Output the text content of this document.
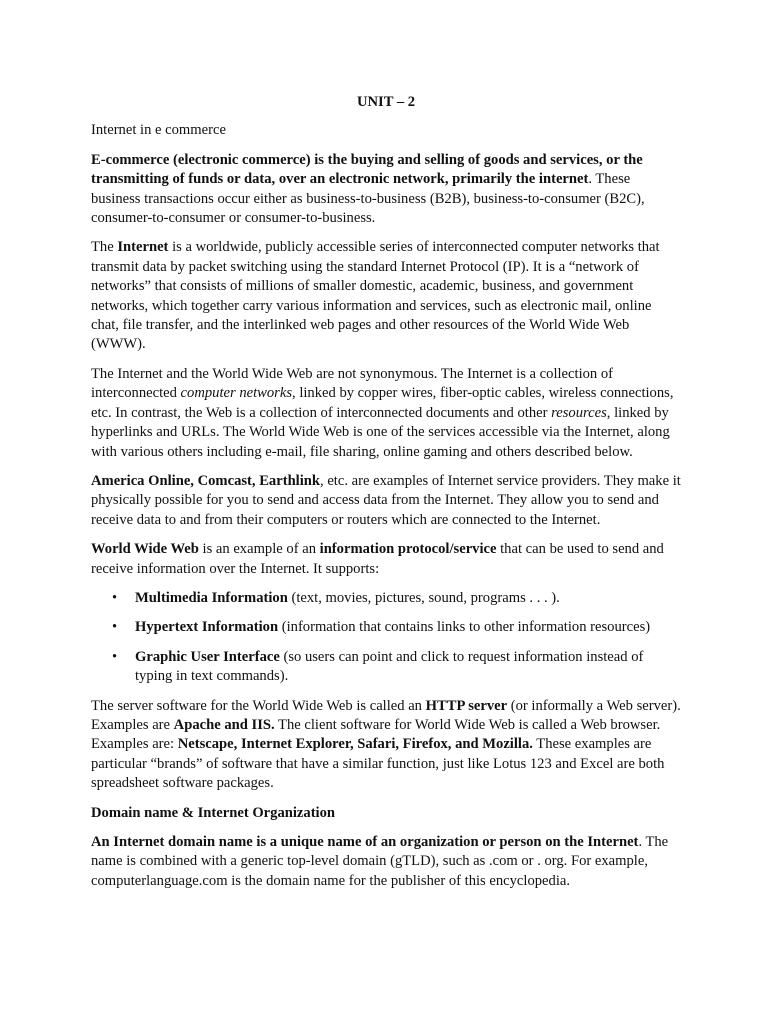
UNIT – 2

Internet in e commerce

E-commerce (electronic commerce) is the buying and selling of goods and services, or the transmitting of funds or data, over an electronic network, primarily the internet. These business transactions occur either as business-to-business (B2B), business-to-consumer (B2C), consumer-to-consumer or consumer-to-business.

The Internet is a worldwide, publicly accessible series of interconnected computer networks that transmit data by packet switching using the standard Internet Protocol (IP). It is a “network of networks” that consists of millions of smaller domestic, academic, business, and government networks, which together carry various information and services, such as electronic mail, online chat, file transfer, and the interlinked web pages and other resources of the World Wide Web (WWW).

The Internet and the World Wide Web are not synonymous. The Internet is a collection of interconnected computer networks, linked by copper wires, fiber-optic cables, wireless connections, etc. In contrast, the Web is a collection of interconnected documents and other resources, linked by hyperlinks and URLs. The World Wide Web is one of the services accessible via the Internet, along with various others including e-mail, file sharing, online gaming and others described below.

America Online, Comcast, Earthlink, etc. are examples of Internet service providers. They make it physically possible for you to send and access data from the Internet. They allow you to send and receive data to and from their computers or routers which are connected to the Internet.

World Wide Web is an example of an information protocol/service that can be used to send and receive information over the Internet. It supports:

• Multimedia Information (text, movies, pictures, sound, programs . . . ).
• Hypertext Information (information that contains links to other information resources)
• Graphic User Interface (so users can point and click to request information instead of typing in text commands).

The server software for the World Wide Web is called an HTTP server (or informally a Web server). Examples are Apache and IIS. The client software for World Wide Web is called a Web browser. Examples are: Netscape, Internet Explorer, Safari, Firefox, and Mozilla. These examples are particular “brands” of software that have a similar function, just like Lotus 123 and Excel are both spreadsheet software packages.

Domain name & Internet Organization

An Internet domain name is a unique name of an organization or person on the Internet. The name is combined with a generic top-level domain (gTLD), such as .com or . org. For example, computerlanguage.com is the domain name for the publisher of this encyclopedia.
